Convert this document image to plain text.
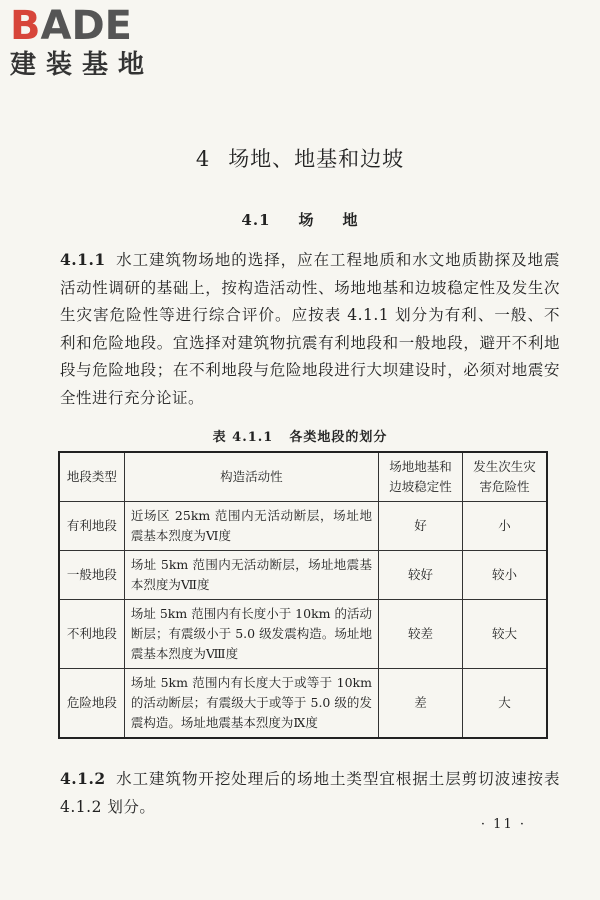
BADE
建装基地
4 场地、地基和边坡
4.1 场 地
4.1.1 水工建筑物场地的选择，应在工程地质和水文地质勘探及地震活动性调研的基础上，按构造活动性、场地地基和边坡稳定性及发生次生灾害危险性等进行综合评价。应按表 4.1.1 划分为有利、一般、不利和危险地段。宜选择对建筑物抗震有利地段和一般地段，避开不利地段与危险地段；在不利地段与危险地段进行大坝建设时，必须对地震安全性进行充分论证。
表 4.1.1 各类地段的划分
地段类型	构造活动性	场地地基和边坡稳定性	发生次生灾害危险性
有利地段	近场区 25km 范围内无活动断层，场址地震基本烈度为Ⅵ度	好	小
一般地段	场址 5km 范围内无活动断层，场址地震基本烈度为Ⅶ度	较好	较小
不利地段	场址 5km 范围内有长度小于 10km 的活动断层；有震级小于 5.0 级发震构造。场址地震基本烈度为Ⅷ度	较差	较大
危险地段	场址 5km 范围内有长度大于或等于 10km 的活动断层；有震级大于或等于 5.0 级的发震构造。场址地震基本烈度为Ⅸ度	差	大
4.1.2 水工建筑物开挖处理后的场地土类型宜根据土层剪切波速按表 4.1.2 划分。
· 11 ·
